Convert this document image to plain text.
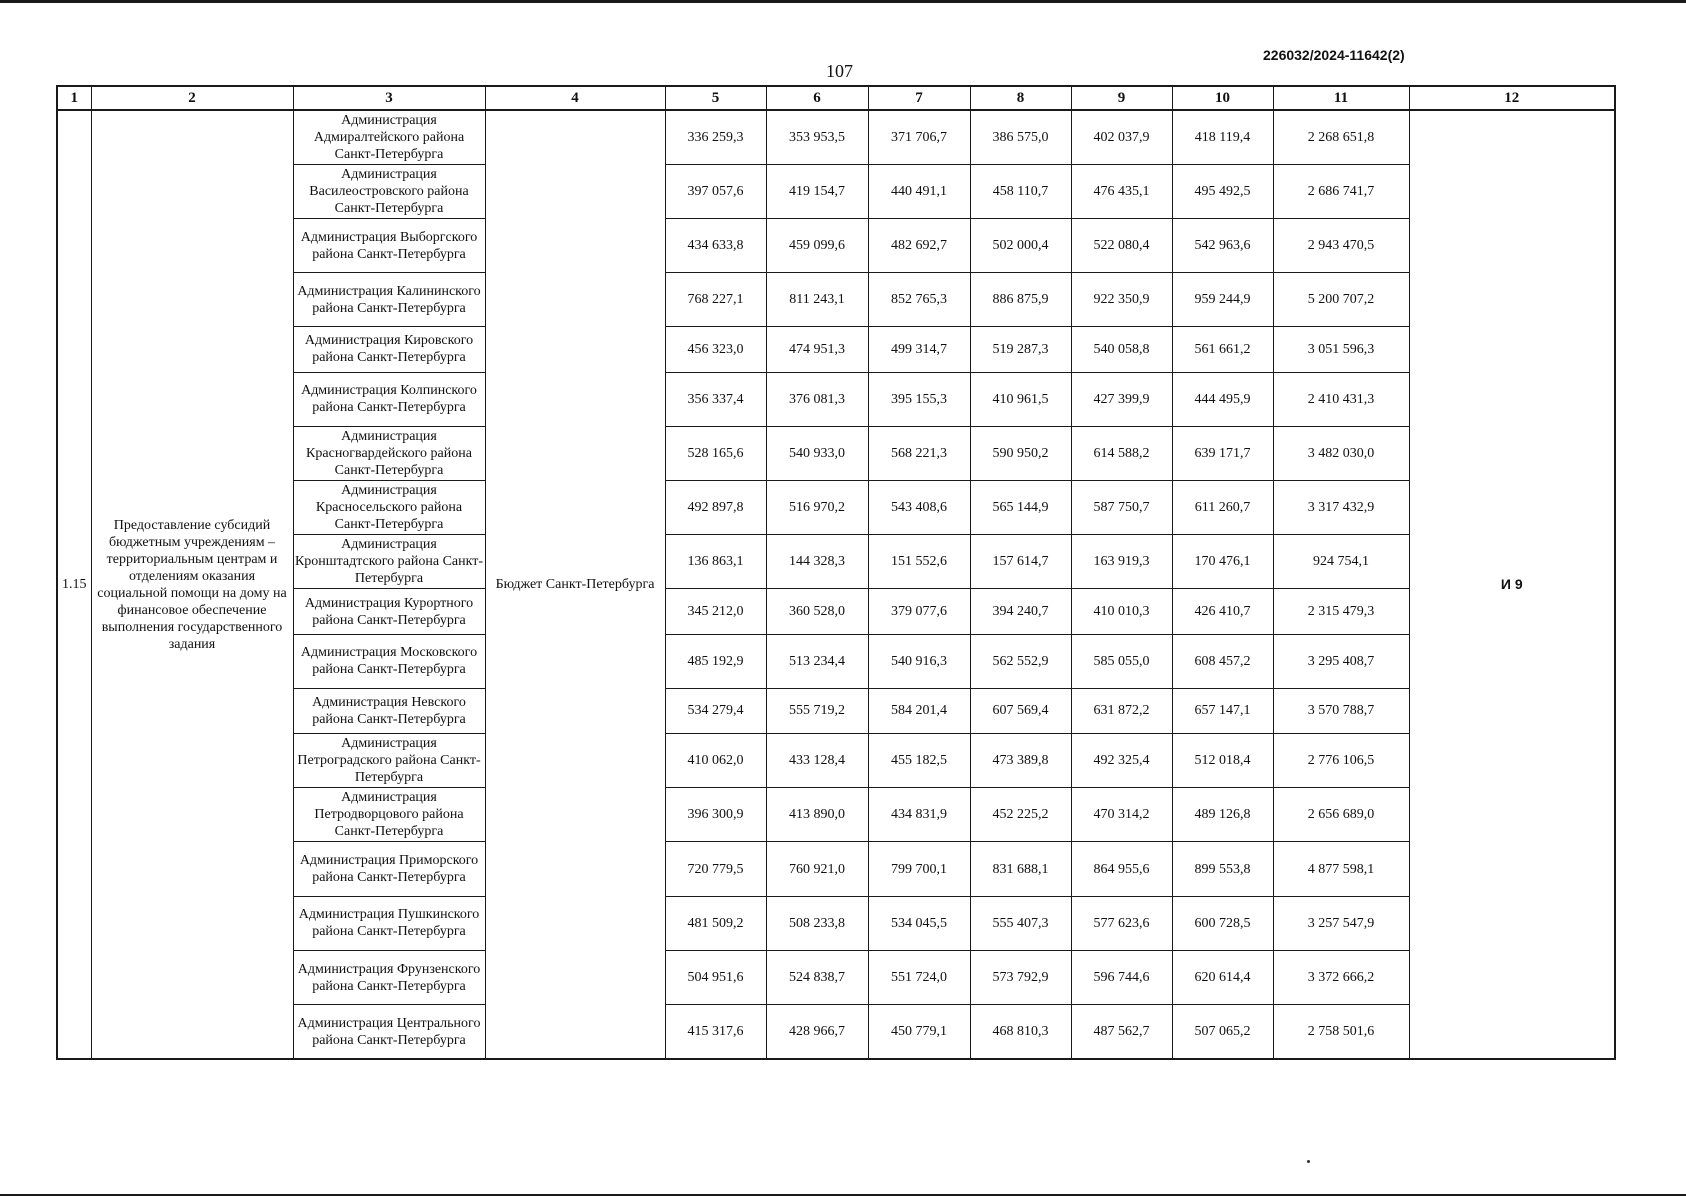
107
226032/2024-11642(2)
1	2	3	4	5	6	7	8	9	10	11	12
1.15	Предоставление субсидий бюджетным учреждениям – территориальным центрам и отделениям оказания социальной помощи на дому на финансовое обеспечение выполнения государственного задания	Администрация Адмиралтейского района Санкт-Петербурга	Бюджет Санкт-Петербурга	336 259,3	353 953,5	371 706,7	386 575,0	402 037,9	418 119,4	2 268 651,8	И 9
		Администрация Василеостровского района Санкт-Петербурга		397 057,6	419 154,7	440 491,1	458 110,7	476 435,1	495 492,5	2 686 741,7	
		Администрация Выборгского района Санкт-Петербурга		434 633,8	459 099,6	482 692,7	502 000,4	522 080,4	542 963,6	2 943 470,5	
		Администрация Калининского района Санкт-Петербурга		768 227,1	811 243,1	852 765,3	886 875,9	922 350,9	959 244,9	5 200 707,2	
		Администрация Кировского района Санкт-Петербурга		456 323,0	474 951,3	499 314,7	519 287,3	540 058,8	561 661,2	3 051 596,3	
		Администрация Колпинского района Санкт-Петербурга		356 337,4	376 081,3	395 155,3	410 961,5	427 399,9	444 495,9	2 410 431,3	
		Администрация Красногвардейского района Санкт-Петербурга		528 165,6	540 933,0	568 221,3	590 950,2	614 588,2	639 171,7	3 482 030,0	
		Администрация Красносельского района Санкт-Петербурга		492 897,8	516 970,2	543 408,6	565 144,9	587 750,7	611 260,7	3 317 432,9	
		Администрация Кронштадтского района Санкт-Петербурга		136 863,1	144 328,3	151 552,6	157 614,7	163 919,3	170 476,1	924 754,1	
		Администрация Курортного района Санкт-Петербурга		345 212,0	360 528,0	379 077,6	394 240,7	410 010,3	426 410,7	2 315 479,3	
		Администрация Московского района Санкт-Петербурга		485 192,9	513 234,4	540 916,3	562 552,9	585 055,0	608 457,2	3 295 408,7	
		Администрация Невского района Санкт-Петербурга		534 279,4	555 719,2	584 201,4	607 569,4	631 872,2	657 147,1	3 570 788,7	
		Администрация Петроградского района Санкт-Петербурга		410 062,0	433 128,4	455 182,5	473 389,8	492 325,4	512 018,4	2 776 106,5	
		Администрация Петродворцового района Санкт-Петербурга		396 300,9	413 890,0	434 831,9	452 225,2	470 314,2	489 126,8	2 656 689,0	
		Администрация Приморского района Санкт-Петербурга		720 779,5	760 921,0	799 700,1	831 688,1	864 955,6	899 553,8	4 877 598,1	
		Администрация Пушкинского района Санкт-Петербурга		481 509,2	508 233,8	534 045,5	555 407,3	577 623,6	600 728,5	3 257 547,9	
		Администрация Фрунзенского района Санкт-Петербурга		504 951,6	524 838,7	551 724,0	573 792,9	596 744,6	620 614,4	3 372 666,2	
		Администрация Центрального района Санкт-Петербурга		415 317,6	428 966,7	450 779,1	468 810,3	487 562,7	507 065,2	2 758 501,6	
